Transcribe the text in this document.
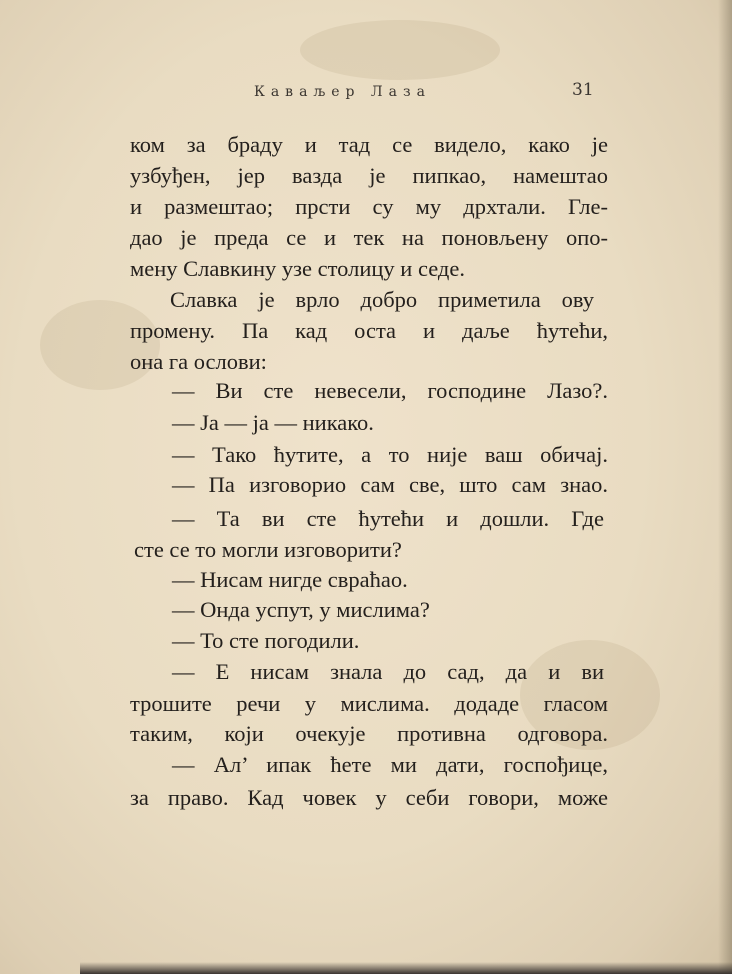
Каваљер Лаза	31
ком за браду и тад се видело, како је
узбуђен, јер вазда је пипкао, намештао
и размештао; прсти су му дрхтали. Гле-
дао је преда се и тек на поновљену опо-
мену Славкину узе столицу и седе.
Славка је врло добро приметила ову
промену. Па кад оста и даље ћутећи,
она га ослови:
— Ви сте невесели, господине Лазо?.
— Ја — ја — никако.
— Тако ћутите, а то није ваш обичај.
— Па изговорио сам све, што сам знао.
— Та ви сте ћутећи и дошли. Где
сте се то могли изговорити?
— Нисам нигде свраћао.
— Онда успут, у мислима?
— То сте погодили.
— Е нисам знала до сад, да и ви
трошите речи у мислима. додаде гласом
таким, који очекује противна одговора.
— Ал’ ипак ћете ми дати, госпођице,
за право. Кад човек у себи говори, може
